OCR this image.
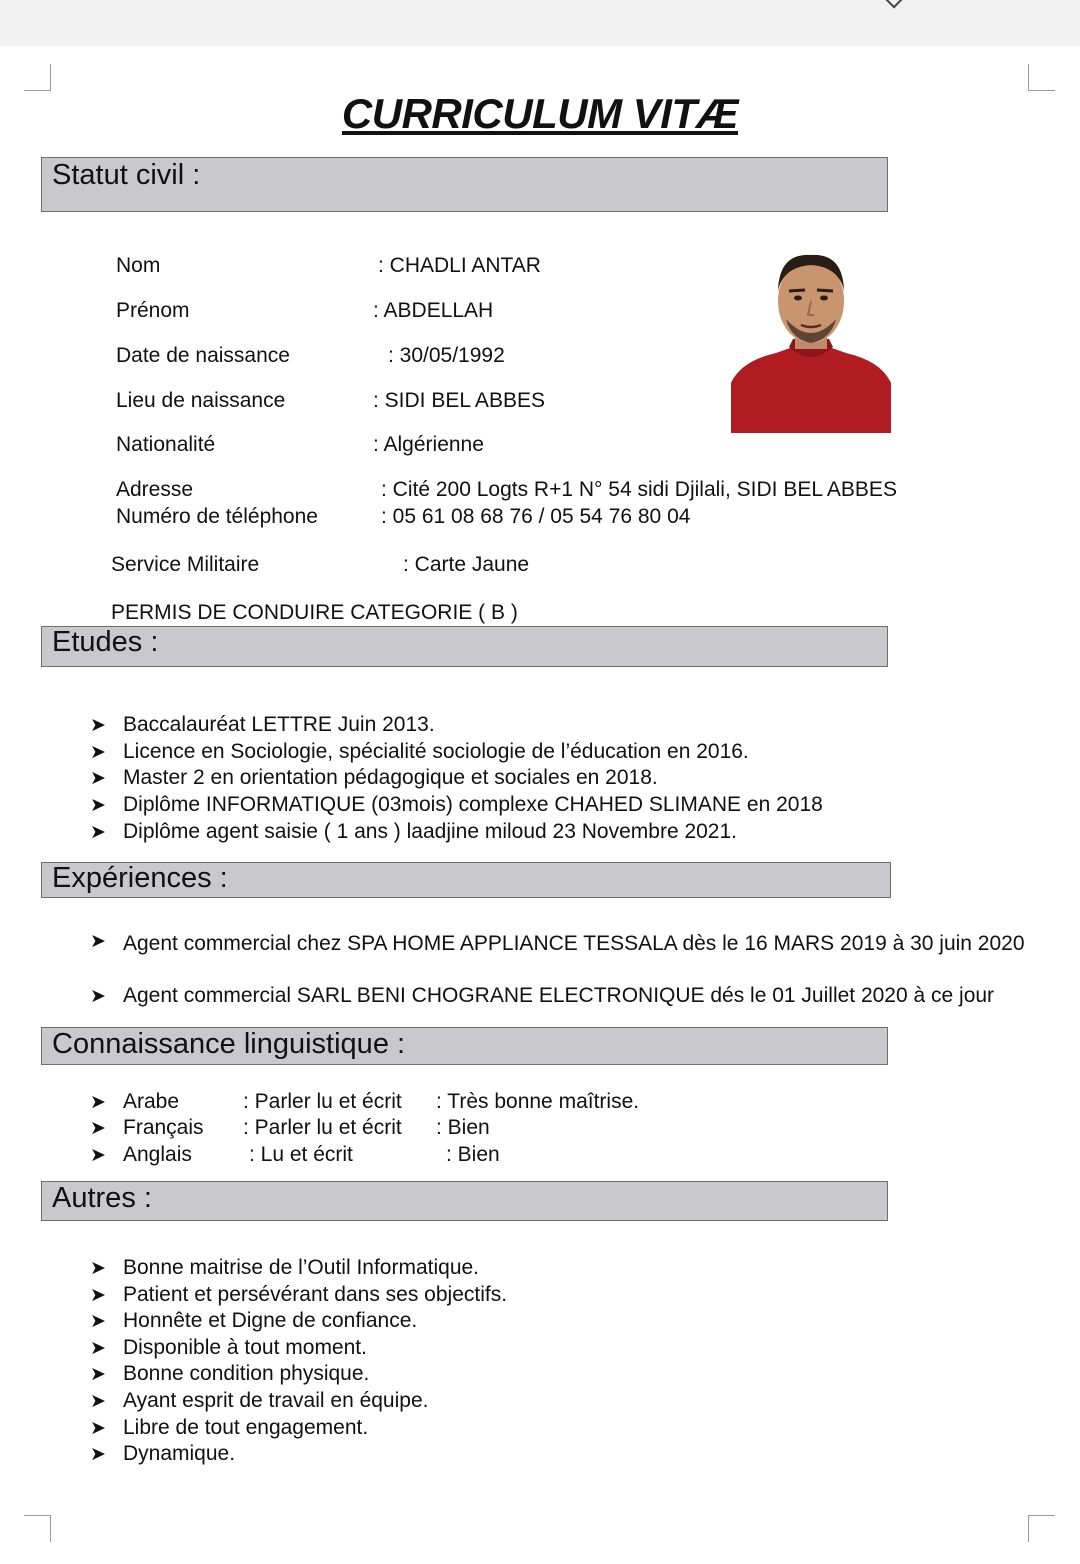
CURRICULUM VITÆ
Statut civil :
Nom	: CHADLI ANTAR
Prénom	: ABDELLAH
Date de naissance	: 30/05/1992
Lieu de naissance	: SIDI BEL ABBES
Nationalité	: Algérienne
Adresse	: Cité 200 Logts R+1 N° 54 sidi Djilali, SIDI BEL ABBES
Numéro de téléphone	: 05 61 08 68 76 / 05 54 76 80 04
Service Militaire	: Carte Jaune
PERMIS DE CONDUIRE CATEGORIE ( B )
Etudes :
➤ Baccalauréat LETTRE Juin 2013.
➤ Licence en Sociologie, spécialité sociologie de l’éducation en 2016.
➤ Master 2 en orientation pédagogique et sociales en 2018.
➤ Diplôme INFORMATIQUE (03mois) complexe CHAHED SLIMANE en 2018
➤ Diplôme agent saisie ( 1 ans ) laadjine miloud 23 Novembre 2021.
Expériences :
➤ Agent commercial chez SPA HOME APPLIANCE TESSALA dès le 16 MARS 2019 à 30 juin 2020
➤ Agent commercial SARL BENI CHOGRANE ELECTRONIQUE dés le 01 Juillet 2020 à ce jour
Connaissance linguistique :
➤ Arabe	: Parler lu et écrit : Très bonne maîtrise.
➤ Français : Parler lu et écrit : Bien
➤ Anglais	: Lu et écrit	: Bien
Autres :
➤ Bonne maitrise de l’Outil Informatique.
➤ Patient et persévérant dans ses objectifs.
➤ Honnête et Digne de confiance.
➤ Disponible à tout moment.
➤ Bonne condition physique.
➤ Ayant esprit de travail en équipe.
➤ Libre de tout engagement.
➤ Dynamique.
